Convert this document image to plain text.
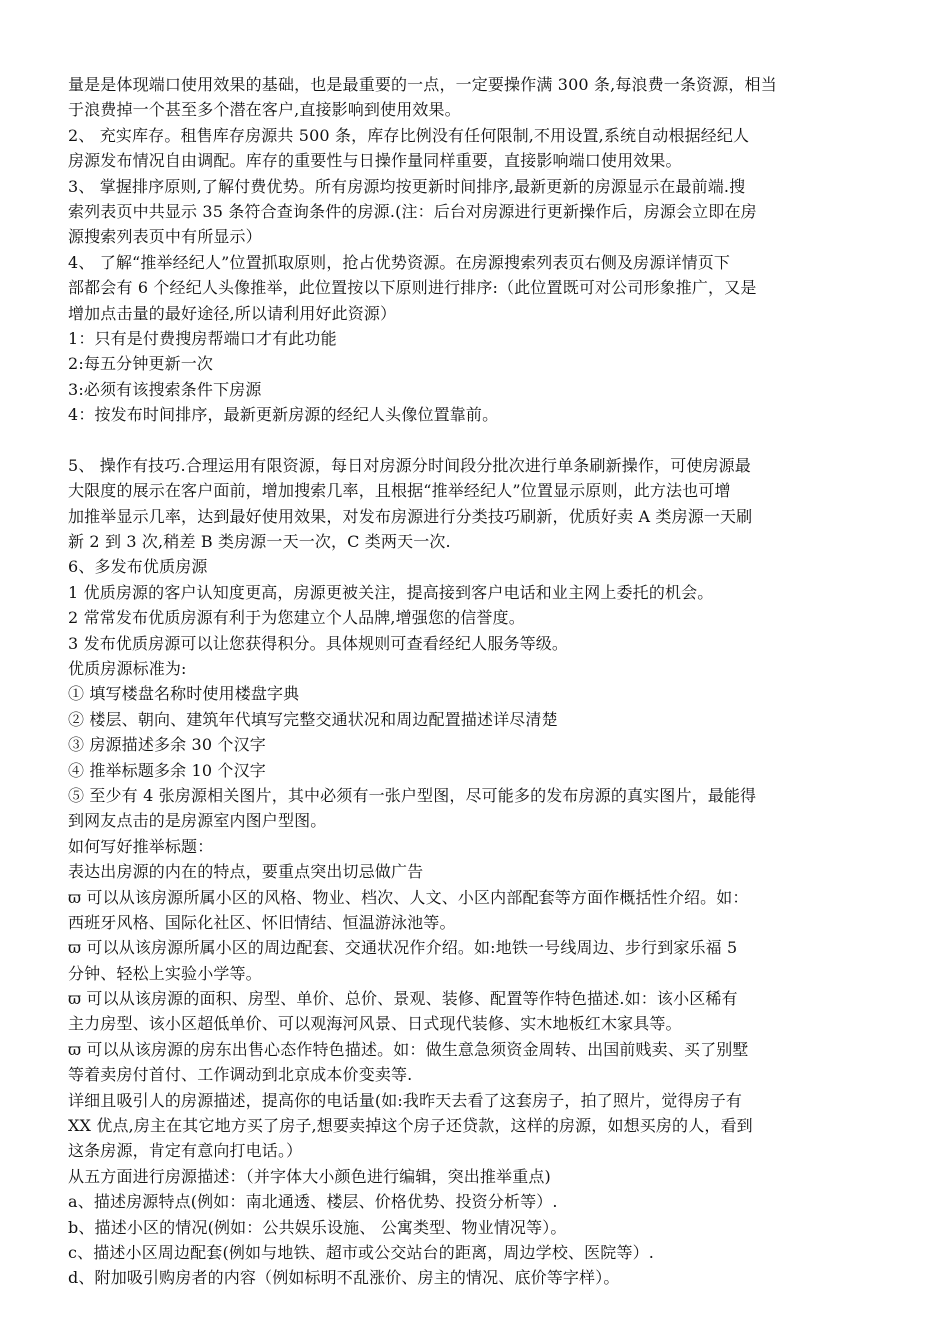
量是是体现端口使用效果的基础，也是最重要的一点，一定要操作满 300 条,每浪费一条资源，相当
于浪费掉一个甚至多个潜在客户,直接影响到使用效果。
2、 充实库存。租售库存房源共 500 条，库存比例没有任何限制,不用设置,系统自动根据经纪人
房源发布情况自由调配。库存的重要性与日操作量同样重要，直接影响端口使用效果。
3、 掌握排序原则,了解付费优势。所有房源均按更新时间排序,最新更新的房源显示在最前端.搜
索列表页中共显示 35 条符合查询条件的房源.(注：后台对房源进行更新操作后，房源会立即在房
源搜索列表页中有所显示）
4、 了解“推举经纪人”位置抓取原则，抢占优势资源。在房源搜索列表页右侧及房源详情页下
部都会有 6 个经纪人头像推举，此位置按以下原则进行排序:（此位置既可对公司形象推广，又是
增加点击量的最好途径,所以请利用好此资源）
1：只有是付费搜房帮端口才有此功能
2:每五分钟更新一次
3:必须有该搜索条件下房源
4：按发布时间排序，最新更新房源的经纪人头像位置靠前。
5、 操作有技巧.合理运用有限资源，每日对房源分时间段分批次进行单条刷新操作，可使房源最
大限度的展示在客户面前，增加搜索几率，且根据“推举经纪人”位置显示原则，此方法也可增
加推举显示几率，达到最好使用效果，对发布房源进行分类技巧刷新，优质好卖 A 类房源一天刷
新 2 到 3 次,稍差 B 类房源一天一次，C 类两天一次.
6、多发布优质房源
1 优质房源的客户认知度更高，房源更被关注，提高接到客户电话和业主网上委托的机会。
2 常常发布优质房源有利于为您建立个人品牌,增强您的信誉度。
3 发布优质房源可以让您获得积分。具体规则可查看经纪人服务等级。
优质房源标准为:
① 填写楼盘名称时使用楼盘字典
② 楼层、朝向、建筑年代填写完整交通状况和周边配置描述详尽清楚
③ 房源描述多余 30 个汉字
④ 推举标题多余 10 个汉字
⑤ 至少有 4 张房源相关图片，其中必须有一张户型图，尽可能多的发布房源的真实图片，最能得
到网友点击的是房源室内图户型图。
如何写好推举标题：
表达出房源的内在的特点，要重点突出切忌做广告
ϖ 可以从该房源所属小区的风格、物业、档次、人文、小区内部配套等方面作概括性介绍。如：
西班牙风格、国际化社区、怀旧情结、恒温游泳池等。
ϖ 可以从该房源所属小区的周边配套、交通状况作介绍。如:地铁一号线周边、步行到家乐福 5
分钟、轻松上实验小学等。
ϖ 可以从该房源的面积、房型、单价、总价、景观、装修、配置等作特色描述.如：该小区稀有
主力房型、该小区超低单价、可以观海河风景、日式现代装修、实木地板红木家具等。
ϖ 可以从该房源的房东出售心态作特色描述。如：做生意急须资金周转、出国前贱卖、买了别墅
等着卖房付首付、工作调动到北京成本价变卖等.
详细且吸引人的房源描述，提高你的电话量(如:我昨天去看了这套房子，拍了照片，觉得房子有
XX 优点,房主在其它地方买了房子,想要卖掉这个房子还贷款，这样的房源，如想买房的人，看到
这条房源，肯定有意向打电话。）
从五方面进行房源描述：（并字体大小颜色进行编辑，突出推举重点)
a、描述房源特点(例如：南北通透、楼层、价格优势、投资分析等）.
b、描述小区的情况(例如：公共娱乐设施、 公寓类型、物业情况等）。
c、描述小区周边配套(例如与地铁、超市或公交站台的距离，周边学校、医院等）.
d、附加吸引购房者的内容（例如标明不乱涨价、房主的情况、底价等字样）。
